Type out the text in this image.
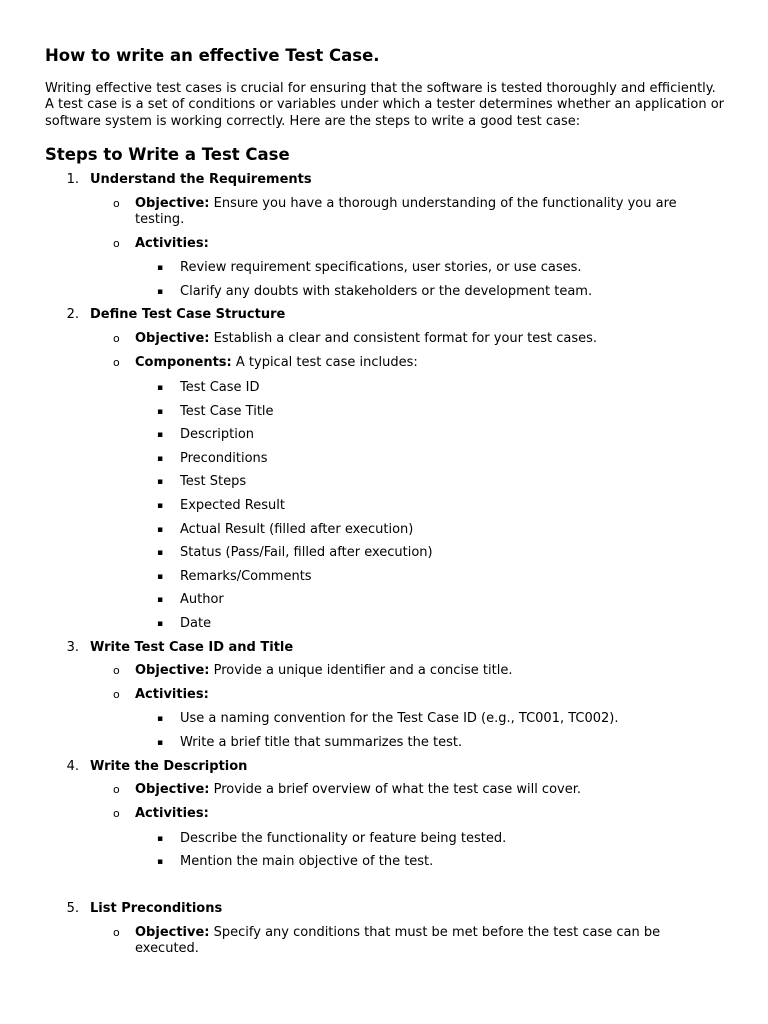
How to write an effective Test Case.

Writing effective test cases is crucial for ensuring that the software is tested thoroughly and efficiently. A test case is a set of conditions or variables under which a tester determines whether an application or software system is working correctly. Here are the steps to write a good test case:

Steps to Write a Test Case
1. Understand the Requirements
o Objective: Ensure you have a thorough understanding of the functionality you are testing.
o Activities:
▪ Review requirement specifications, user stories, or use cases.
▪ Clarify any doubts with stakeholders or the development team.
2. Define Test Case Structure
o Objective: Establish a clear and consistent format for your test cases.
o Components: A typical test case includes:
▪ Test Case ID
▪ Test Case Title
▪ Description
▪ Preconditions
▪ Test Steps
▪ Expected Result
▪ Actual Result (filled after execution)
▪ Status (Pass/Fail, filled after execution)
▪ Remarks/Comments
▪ Author
▪ Date
3. Write Test Case ID and Title
o Objective: Provide a unique identifier and a concise title.
o Activities:
▪ Use a naming convention for the Test Case ID (e.g., TC001, TC002).
▪ Write a brief title that summarizes the test.
4. Write the Description
o Objective: Provide a brief overview of what the test case will cover.
o Activities:
▪ Describe the functionality or feature being tested.
▪ Mention the main objective of the test.
5. List Preconditions
o Objective: Specify any conditions that must be met before the test case can be executed.
